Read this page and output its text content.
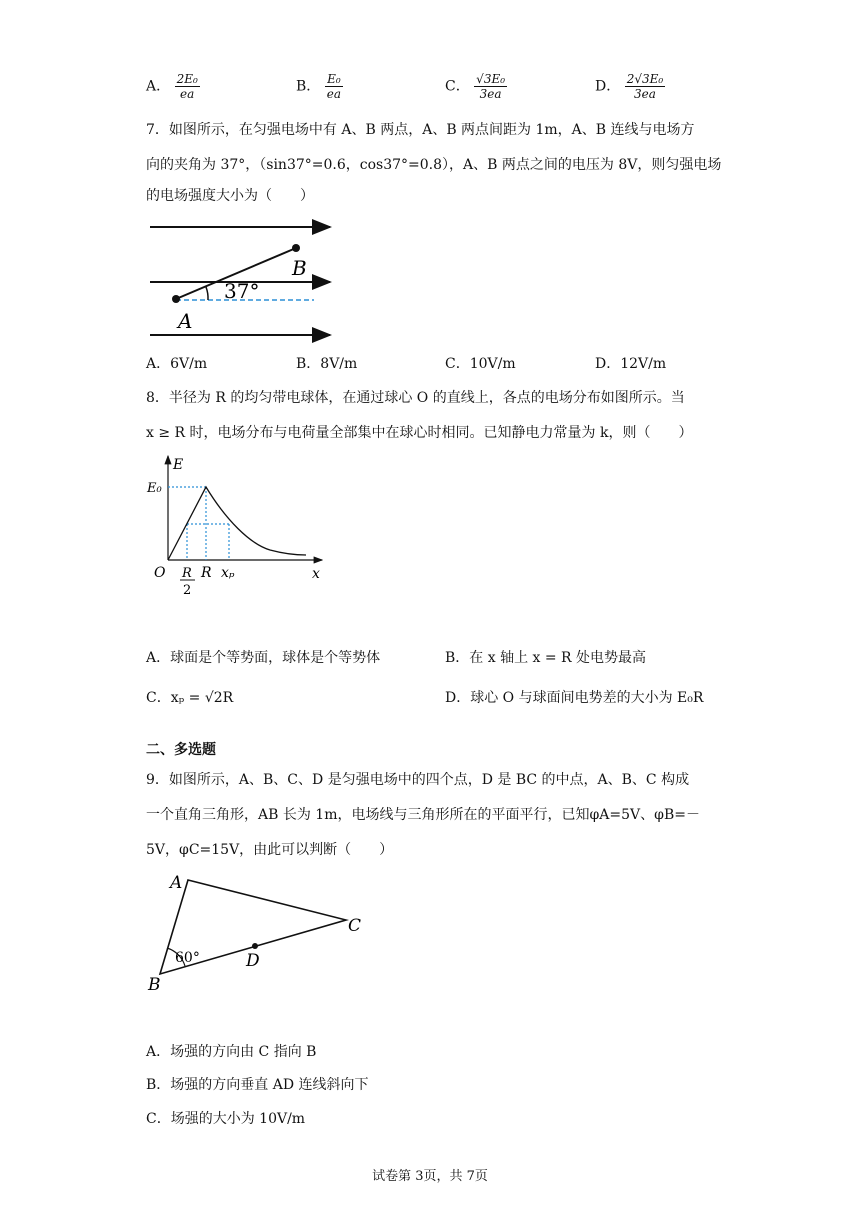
A． $\frac{\text{2E₀}}{ea}$	B． $\frac{\text{E₀}}{ea}$	C． $\frac{\text{√3E₀}}{3ea}$	D． $\frac{\text{2√3E₀}}{3ea}$
7．如图所示，在匀强电场中有 A、B 两点，A、B 两点间距为 1m，A、B 连线与电场方
向的夹角为 37°，（sin37°=0.6，cos37°=0.8），A、B 两点之间的电压为 8V，则匀强电场
的电场强度大小为（　　）
B
37°
A
A．6V/m	B．8V/m	C．10V/m	D．12V/m
8．半径为 R 的均匀带电球体，在通过球心 O 的直线上，各点的电场分布如图所示。当
x ≥ R 时，电场分布与电荷量全部集中在球心时相同。已知静电力常量为 k，则（　　）
E
E₀
O R
2
R xₚ	x
A．球面是个等势面，球体是个等势体	B．在 x 轴上 x = R 处电势最高
C．xₚ = √2R	D．球心 O 与球面间电势差的大小为 E₀R
二、多选题
9．如图所示，A、B、C、D 是匀强电场中的四个点，D 是 BC 的中点，A、B、C 构成
一个直角三角形，AB 长为 1m，电场线与三角形所在的平面平行，已知φA=5V、φB=－
5V，φC=15V，由此可以判断（　　）
A
C
D
60°
B
A．场强的方向由 C 指向 B
B．场强的方向垂直 AD 连线斜向下
C．场强的大小为 10V/m
试卷第 3页，共 7页
